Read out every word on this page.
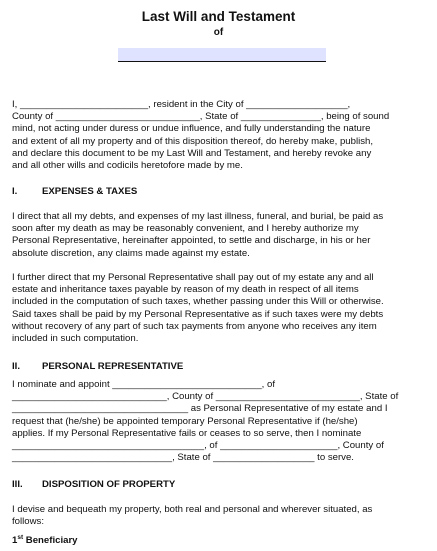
Last Will and Testament
of
I, ________________________, resident in the City of ___________________,
County of ___________________________, State of _______________, being of sound
mind, not acting under duress or undue influence, and fully understanding the nature
and extent of all my property and of this disposition thereof, do hereby make, publish,
and declare this document to be my Last Will and Testament, and hereby revoke any
and all other wills and codicils heretofore made by me.
I.	EXPENSES & TAXES
I direct that all my debts, and expenses of my last illness, funeral, and burial, be paid as
soon after my death as may be reasonably convenient, and I hereby authorize my
Personal Representative, hereinafter appointed, to settle and discharge, in his or her
absolute discretion, any claims made against my estate.
I further direct that my Personal Representative shall pay out of my estate any and all
estate and inheritance taxes payable by reason of my death in respect of all items
included in the computation of such taxes, whether passing under this Will or otherwise.
Said taxes shall be paid by my Personal Representative as if such taxes were my debts
without recovery of any part of such tax payments from anyone who receives any item
included in such computation.
II. PERSONAL REPRESENTATIVE
I nominate and appoint ____________________________, of
_____________________________, County of ___________________________, State of
_________________________________ as Personal Representative of my estate and I
request that (he/she) be appointed temporary Personal Representative if (he/she)
applies. If my Personal Representative fails or ceases to so serve, then I nominate
____________________________________, of ______________________, County of
______________________________, State of ___________________ to serve.
III. DISPOSITION OF PROPERTY
I devise and bequeath my property, both real and personal and wherever situated, as
follows:
1st Beneficiary
